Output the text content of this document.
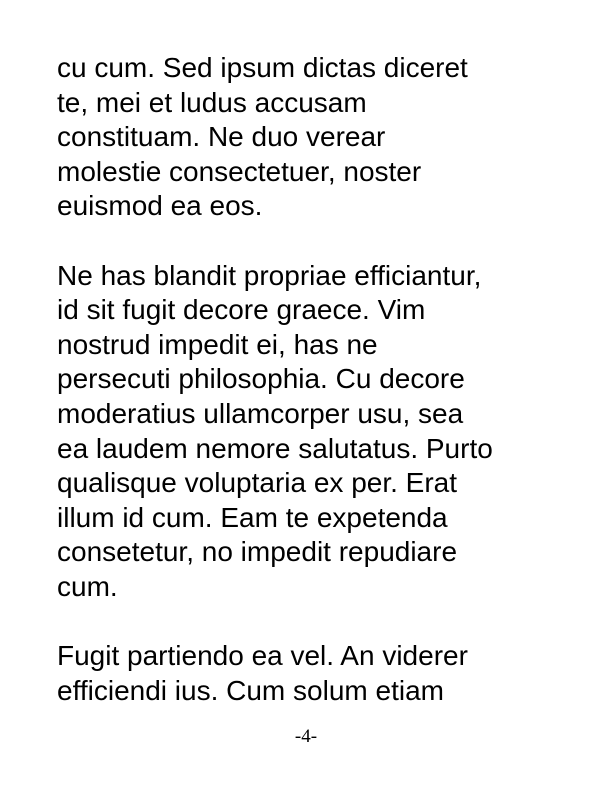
cu cum. Sed ipsum dictas diceret
te, mei et ludus accusam
constituam. Ne duo verear
molestie consectetuer, noster
euismod ea eos.

Ne has blandit propriae efficiantur,
id sit fugit decore graece. Vim
nostrud impedit ei, has ne
persecuti philosophia. Cu decore
moderatius ullamcorper usu, sea
ea laudem nemore salutatus. Purto
qualisque voluptaria ex per. Erat
illum id cum. Eam te expetenda
consetetur, no impedit repudiare
cum.

Fugit partiendo ea vel. An viderer
efficiendi ius. Cum solum etiam

-4-
